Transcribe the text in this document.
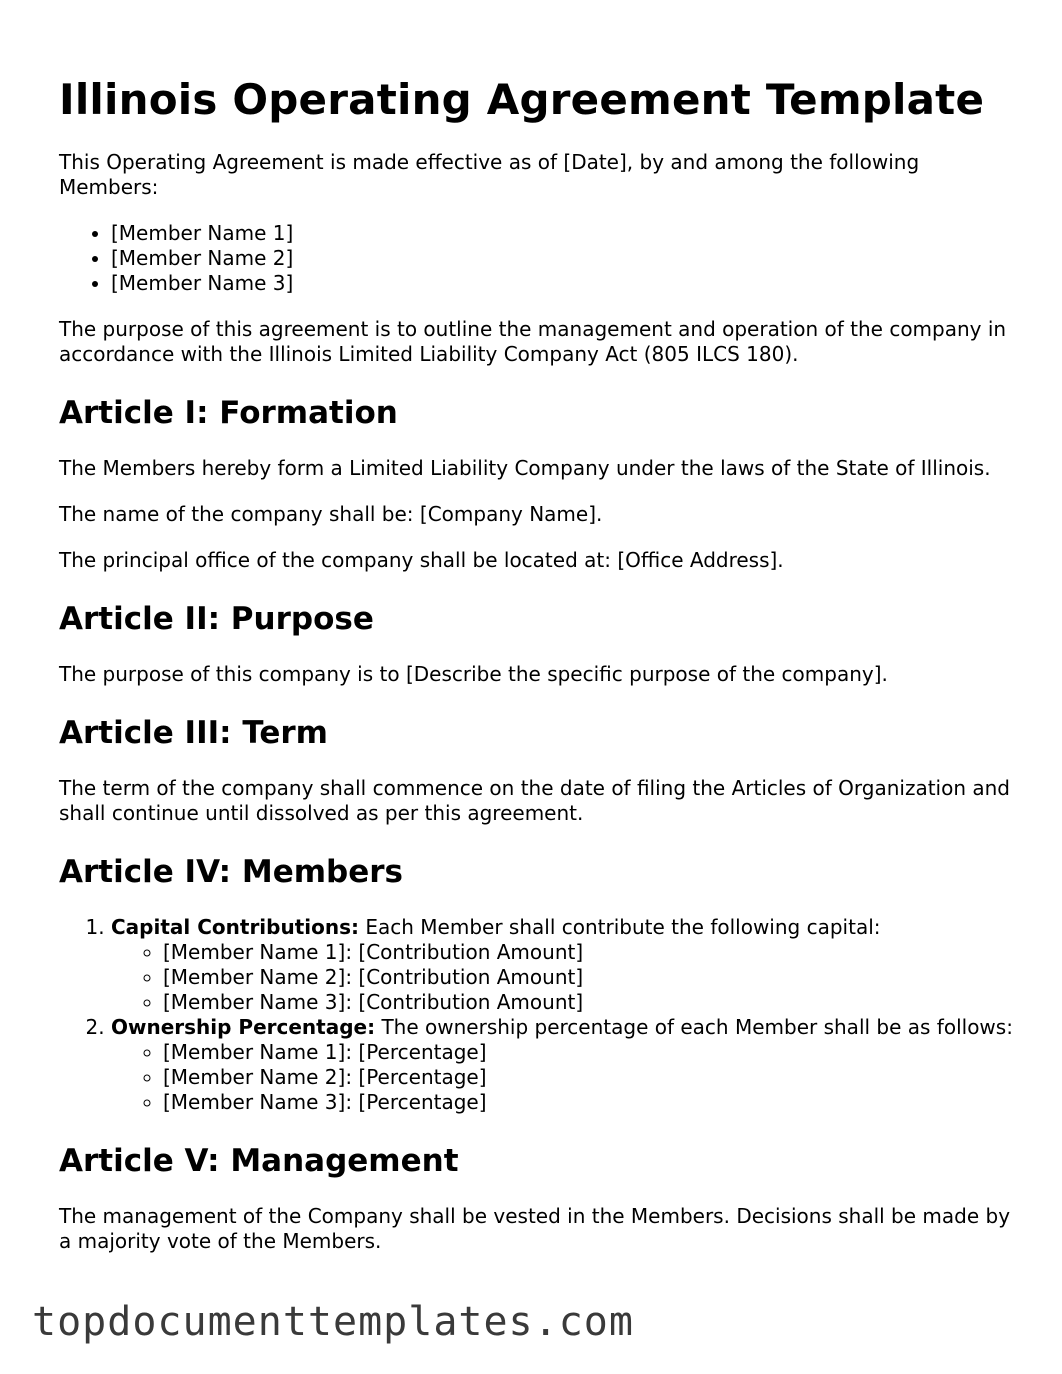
Illinois Operating Agreement Template

This Operating Agreement is made effective as of [Date], by and among the following Members:

• [Member Name 1]
• [Member Name 2]
• [Member Name 3]

The purpose of this agreement is to outline the management and operation of the company in accordance with the Illinois Limited Liability Company Act (805 ILCS 180).

Article I: Formation

The Members hereby form a Limited Liability Company under the laws of the State of Illinois.

The name of the company shall be: [Company Name].

The principal office of the company shall be located at: [Office Address].

Article II: Purpose

The purpose of this company is to [Describe the specific purpose of the company].

Article III: Term

The term of the company shall commence on the date of filing the Articles of Organization and shall continue until dissolved as per this agreement.

Article IV: Members
1. Capital Contributions: Each Member shall contribute the following capital:
◦ [Member Name 1]: [Contribution Amount]
◦ [Member Name 2]: [Contribution Amount]
◦ [Member Name 3]: [Contribution Amount]
2. Ownership Percentage: The ownership percentage of each Member shall be as follows:
◦ [Member Name 1]: [Percentage]
◦ [Member Name 2]: [Percentage]
◦ [Member Name 3]: [Percentage]
Article V: Management

The management of the Company shall be vested in the Members. Decisions shall be made by a majority vote of the Members.

topdocumenttemplates.com
